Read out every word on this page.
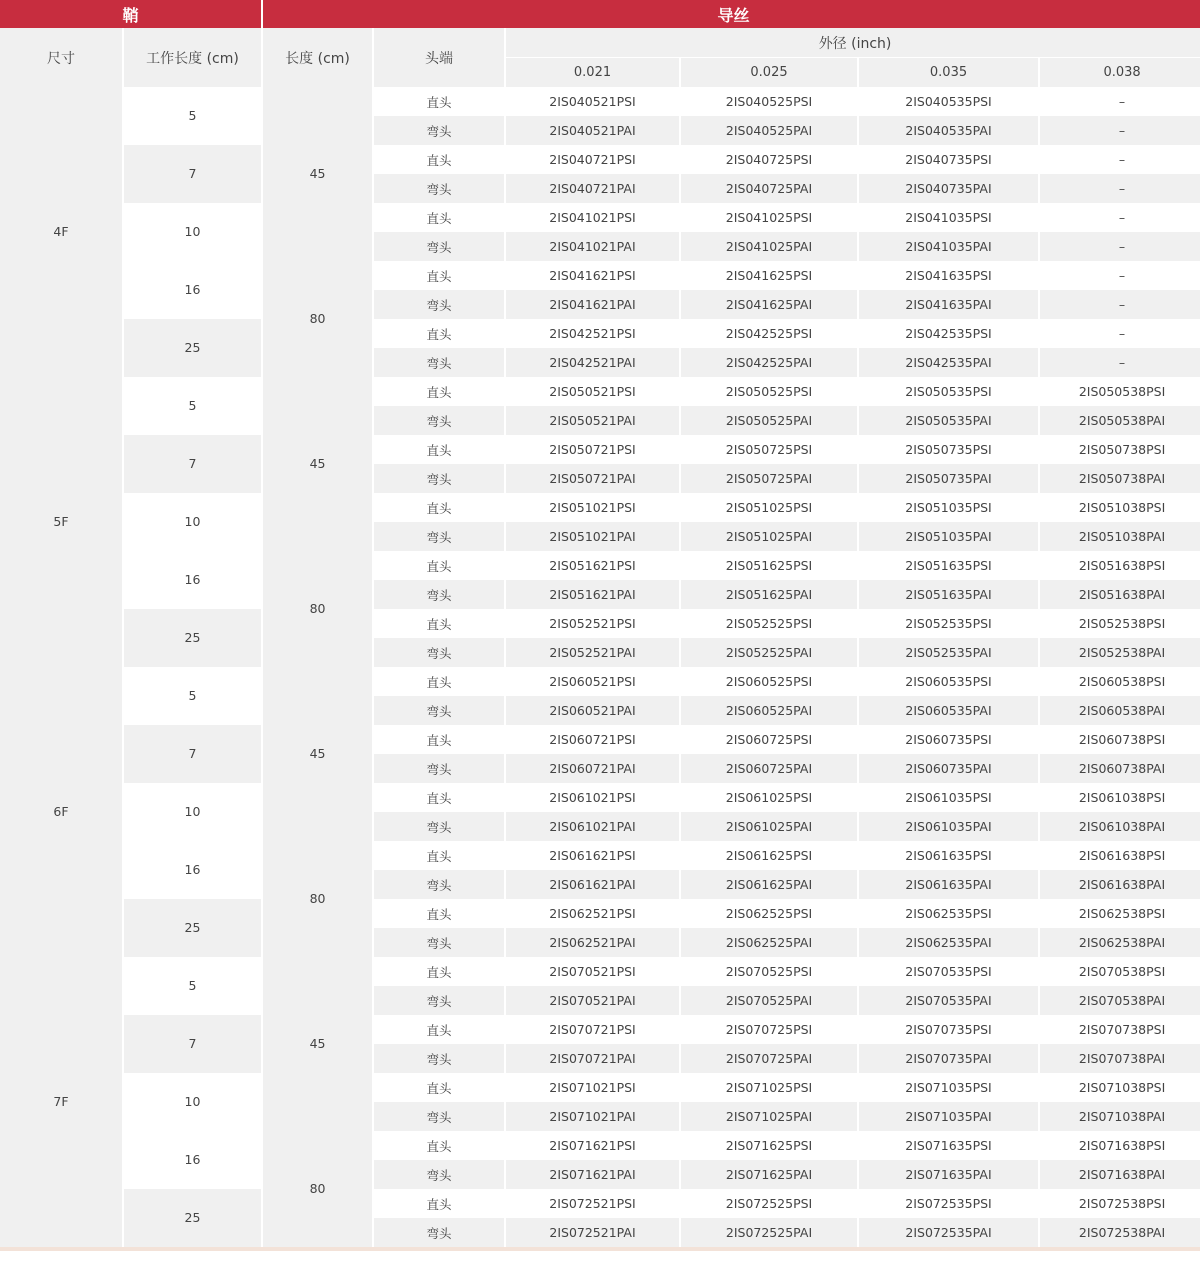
鞘		导丝					
尺寸	工作长度 (cm)	长度 (cm)	头端	外径 (inch)			
				0.021	0.025	0.035	0.038
4F	5	45	直头	2IS040521PSI	2IS040525PSI	2IS040535PSI	–
			弯头	2IS040521PAI	2IS040525PAI	2IS040535PAI	–
	7		直头	2IS040721PSI	2IS040725PSI	2IS040735PSI	–
			弯头	2IS040721PAI	2IS040725PAI	2IS040735PAI	–
	10		直头	2IS041021PSI	2IS041025PSI	2IS041035PSI	–
			弯头	2IS041021PAI	2IS041025PAI	2IS041035PAI	–
	16	80	直头	2IS041621PSI	2IS041625PSI	2IS041635PSI	–
			弯头	2IS041621PAI	2IS041625PAI	2IS041635PAI	–
	25		直头	2IS042521PSI	2IS042525PSI	2IS042535PSI	–
			弯头	2IS042521PAI	2IS042525PAI	2IS042535PAI	–
5F	5	45	直头	2IS050521PSI	2IS050525PSI	2IS050535PSI	2IS050538PSI
			弯头	2IS050521PAI	2IS050525PAI	2IS050535PAI	2IS050538PAI
	7		直头	2IS050721PSI	2IS050725PSI	2IS050735PSI	2IS050738PSI
			弯头	2IS050721PAI	2IS050725PAI	2IS050735PAI	2IS050738PAI
	10		直头	2IS051021PSI	2IS051025PSI	2IS051035PSI	2IS051038PSI
			弯头	2IS051021PAI	2IS051025PAI	2IS051035PAI	2IS051038PAI
	16	80	直头	2IS051621PSI	2IS051625PSI	2IS051635PSI	2IS051638PSI
			弯头	2IS051621PAI	2IS051625PAI	2IS051635PAI	2IS051638PAI
	25		直头	2IS052521PSI	2IS052525PSI	2IS052535PSI	2IS052538PSI
			弯头	2IS052521PAI	2IS052525PAI	2IS052535PAI	2IS052538PAI
6F	5	45	直头	2IS060521PSI	2IS060525PSI	2IS060535PSI	2IS060538PSI
			弯头	2IS060521PAI	2IS060525PAI	2IS060535PAI	2IS060538PAI
	7		直头	2IS060721PSI	2IS060725PSI	2IS060735PSI	2IS060738PSI
			弯头	2IS060721PAI	2IS060725PAI	2IS060735PAI	2IS060738PAI
	10		直头	2IS061021PSI	2IS061025PSI	2IS061035PSI	2IS061038PSI
			弯头	2IS061021PAI	2IS061025PAI	2IS061035PAI	2IS061038PAI
	16	80	直头	2IS061621PSI	2IS061625PSI	2IS061635PSI	2IS061638PSI
			弯头	2IS061621PAI	2IS061625PAI	2IS061635PAI	2IS061638PAI
	25		直头	2IS062521PSI	2IS062525PSI	2IS062535PSI	2IS062538PSI
			弯头	2IS062521PAI	2IS062525PAI	2IS062535PAI	2IS062538PAI
7F	5	45	直头	2IS070521PSI	2IS070525PSI	2IS070535PSI	2IS070538PSI
			弯头	2IS070521PAI	2IS070525PAI	2IS070535PAI	2IS070538PAI
	7		直头	2IS070721PSI	2IS070725PSI	2IS070735PSI	2IS070738PSI
			弯头	2IS070721PAI	2IS070725PAI	2IS070735PAI	2IS070738PAI
	10		直头	2IS071021PSI	2IS071025PSI	2IS071035PSI	2IS071038PSI
			弯头	2IS071021PAI	2IS071025PAI	2IS071035PAI	2IS071038PAI
	16	80	直头	2IS071621PSI	2IS071625PSI	2IS071635PSI	2IS071638PSI
			弯头	2IS071621PAI	2IS071625PAI	2IS071635PAI	2IS071638PAI
	25		直头	2IS072521PSI	2IS072525PSI	2IS072535PSI	2IS072538PSI
			弯头	2IS072521PAI	2IS072525PAI	2IS072535PAI	2IS072538PAI
